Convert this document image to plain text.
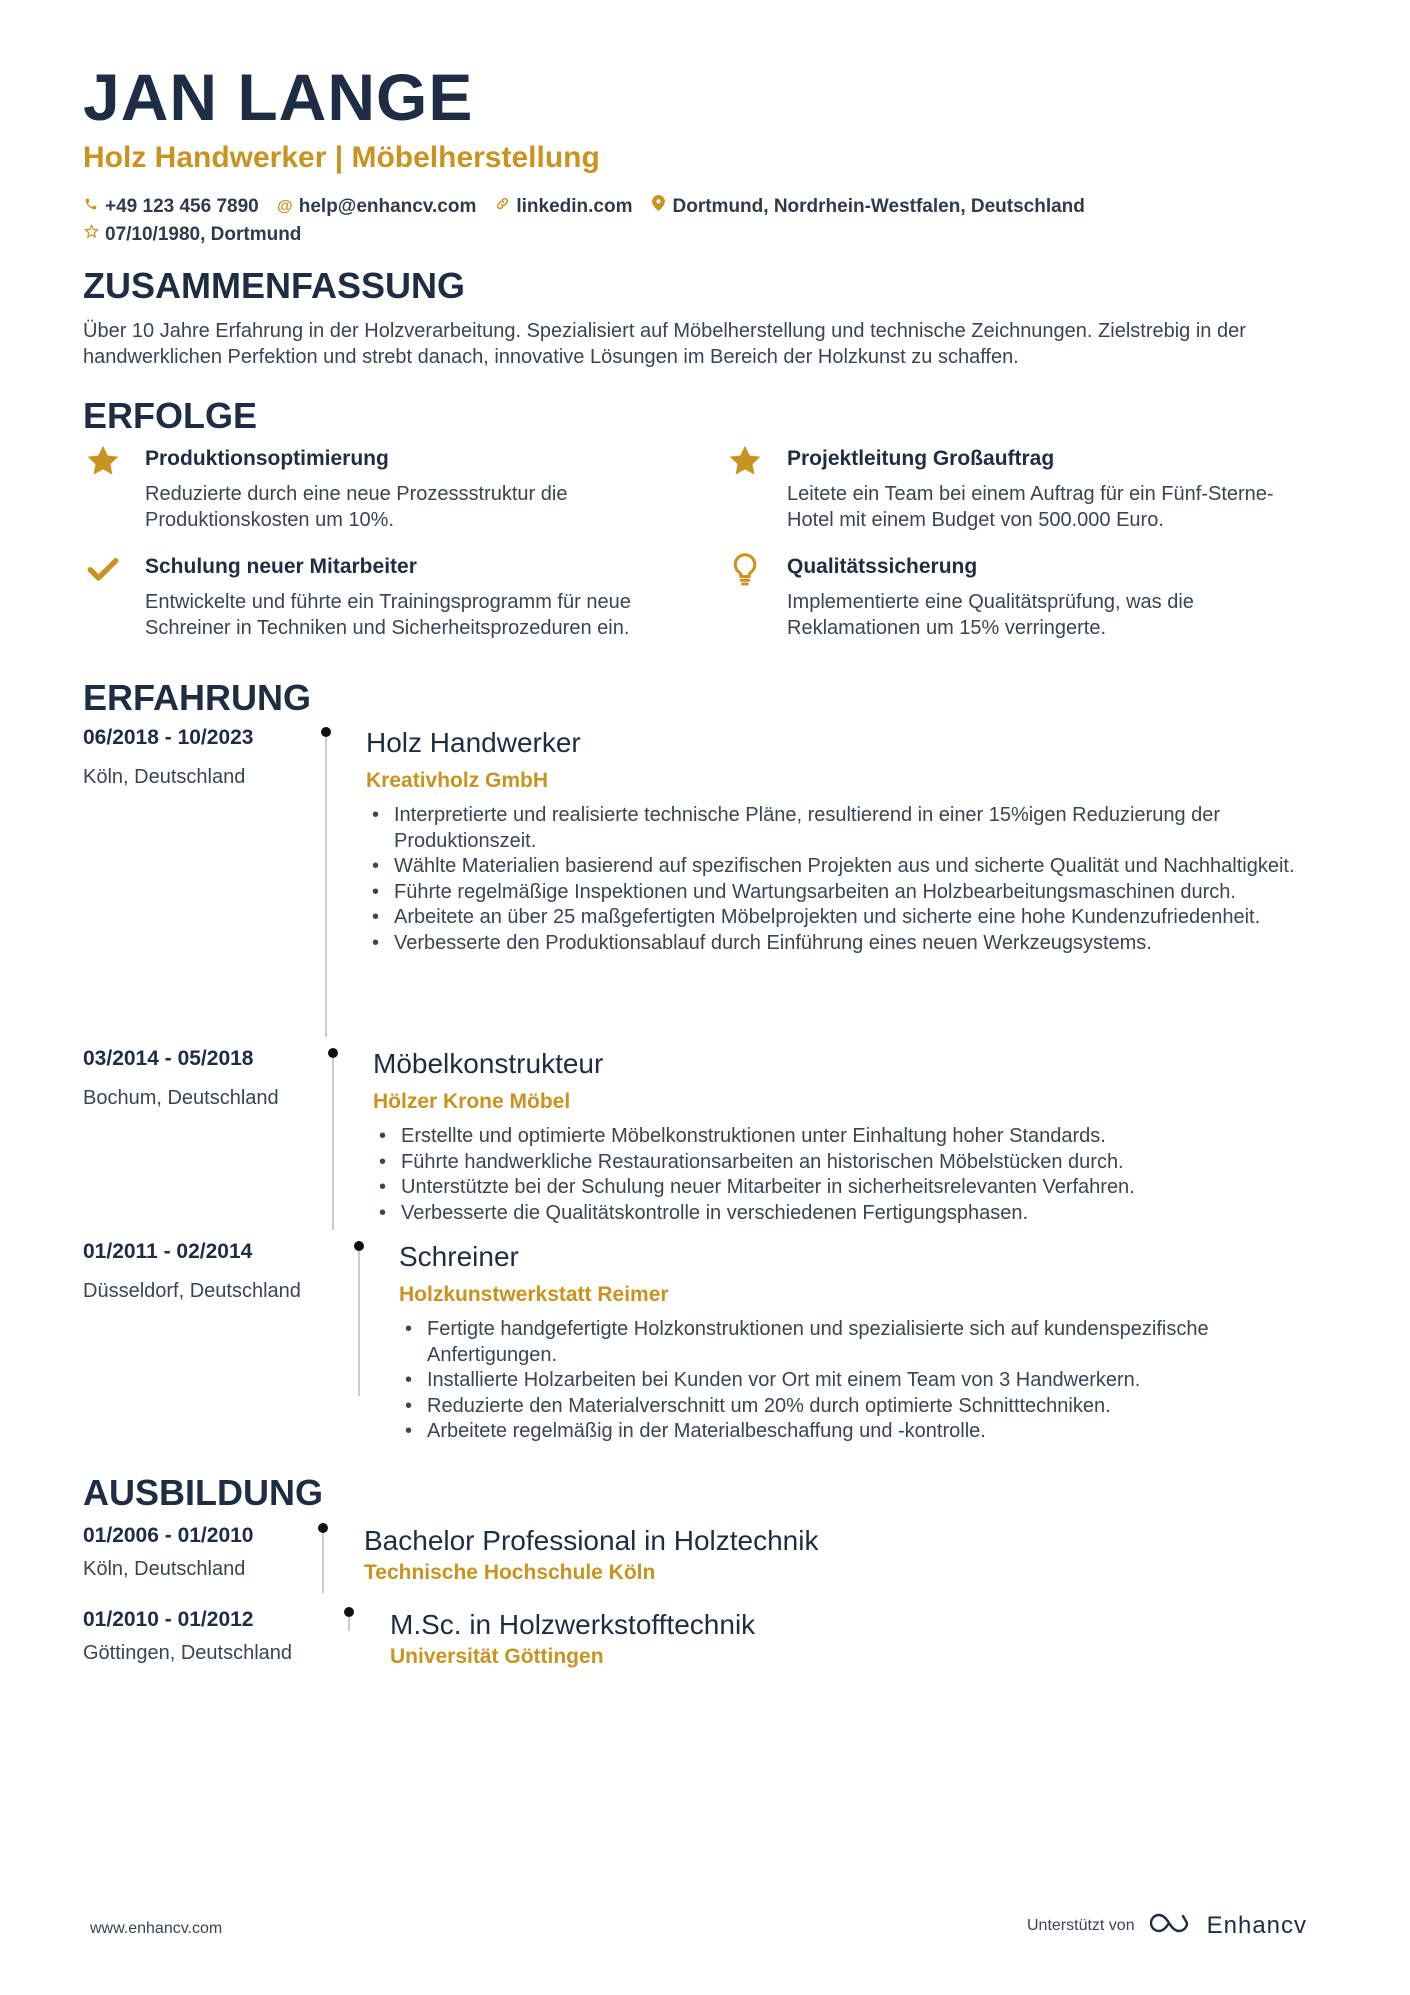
JAN LANGE
Holz Handwerker | Möbelherstellung
+49 123 456 7890 @ help@enhancv.com linkedin.com Dortmund, Nordrhein-Westfalen, Deutschland
07/10/1980, Dortmund
ZUSAMMENFASSUNG

Über 10 Jahre Erfahrung in der Holzverarbeitung. Spezialisiert auf Möbelherstellung und technische Zeichnungen. Zielstrebig in der handwerklichen Perfektion und strebt danach, innovative Lösungen im Bereich der Holzkunst zu schaffen.

ERFOLGE
Produktionsoptimierung

Reduzierte durch eine neue Prozessstruktur die Produktionskosten um 10%.

Projektleitung Großauftrag

Leitete ein Team bei einem Auftrag für ein Fünf-Sterne-Hotel mit einem Budget von 500.000 Euro.

Schulung neuer Mitarbeiter

Entwickelte und führte ein Trainingsprogramm für neue Schreiner in Techniken und Sicherheitsprozeduren ein.

Qualitätssicherung

Implementierte eine Qualitätsprüfung, was die Reklamationen um 15% verringerte.

ERFAHRUNG
06/2018 - 10/2023
Köln, Deutschland
Holz Handwerker
Kreativholz GmbH
• Interpretierte und realisierte technische Pläne, resultierend in einer 15%igen Reduzierung der Produktionszeit.
• Wählte Materialien basierend auf spezifischen Projekten aus und sicherte Qualität und Nachhaltigkeit.
• Führte regelmäßige Inspektionen und Wartungsarbeiten an Holzbearbeitungsmaschinen durch.
• Arbeitete an über 25 maßgefertigten Möbelprojekten und sicherte eine hohe Kundenzufriedenheit.
• Verbesserte den Produktionsablauf durch Einführung eines neuen Werkzeugsystems.
03/2014 - 05/2018
Bochum, Deutschland
Möbelkonstrukteur
Hölzer Krone Möbel
• Erstellte und optimierte Möbelkonstruktionen unter Einhaltung hoher Standards.
• Führte handwerkliche Restaurationsarbeiten an historischen Möbelstücken durch.
• Unterstützte bei der Schulung neuer Mitarbeiter in sicherheitsrelevanten Verfahren.
• Verbesserte die Qualitätskontrolle in verschiedenen Fertigungsphasen.
01/2011 - 02/2014
Düsseldorf, Deutschland
Schreiner
Holzkunstwerkstatt Reimer
• Fertigte handgefertigte Holzkonstruktionen und spezialisierte sich auf kundenspezifische Anfertigungen.
• Installierte Holzarbeiten bei Kunden vor Ort mit einem Team von 3 Handwerkern.
• Reduzierte den Materialverschnitt um 20% durch optimierte Schnitttechniken.
• Arbeitete regelmäßig in der Materialbeschaffung und -kontrolle.
AUSBILDUNG
01/2006 - 01/2010
Köln, Deutschland
Bachelor Professional in Holztechnik
Technische Hochschule Köln
01/2010 - 01/2012
Göttingen, Deutschland
M.Sc. in Holzwerkstofftechnik
Universität Göttingen
www.enhancv.com	Unterstützt von	Enhancv
